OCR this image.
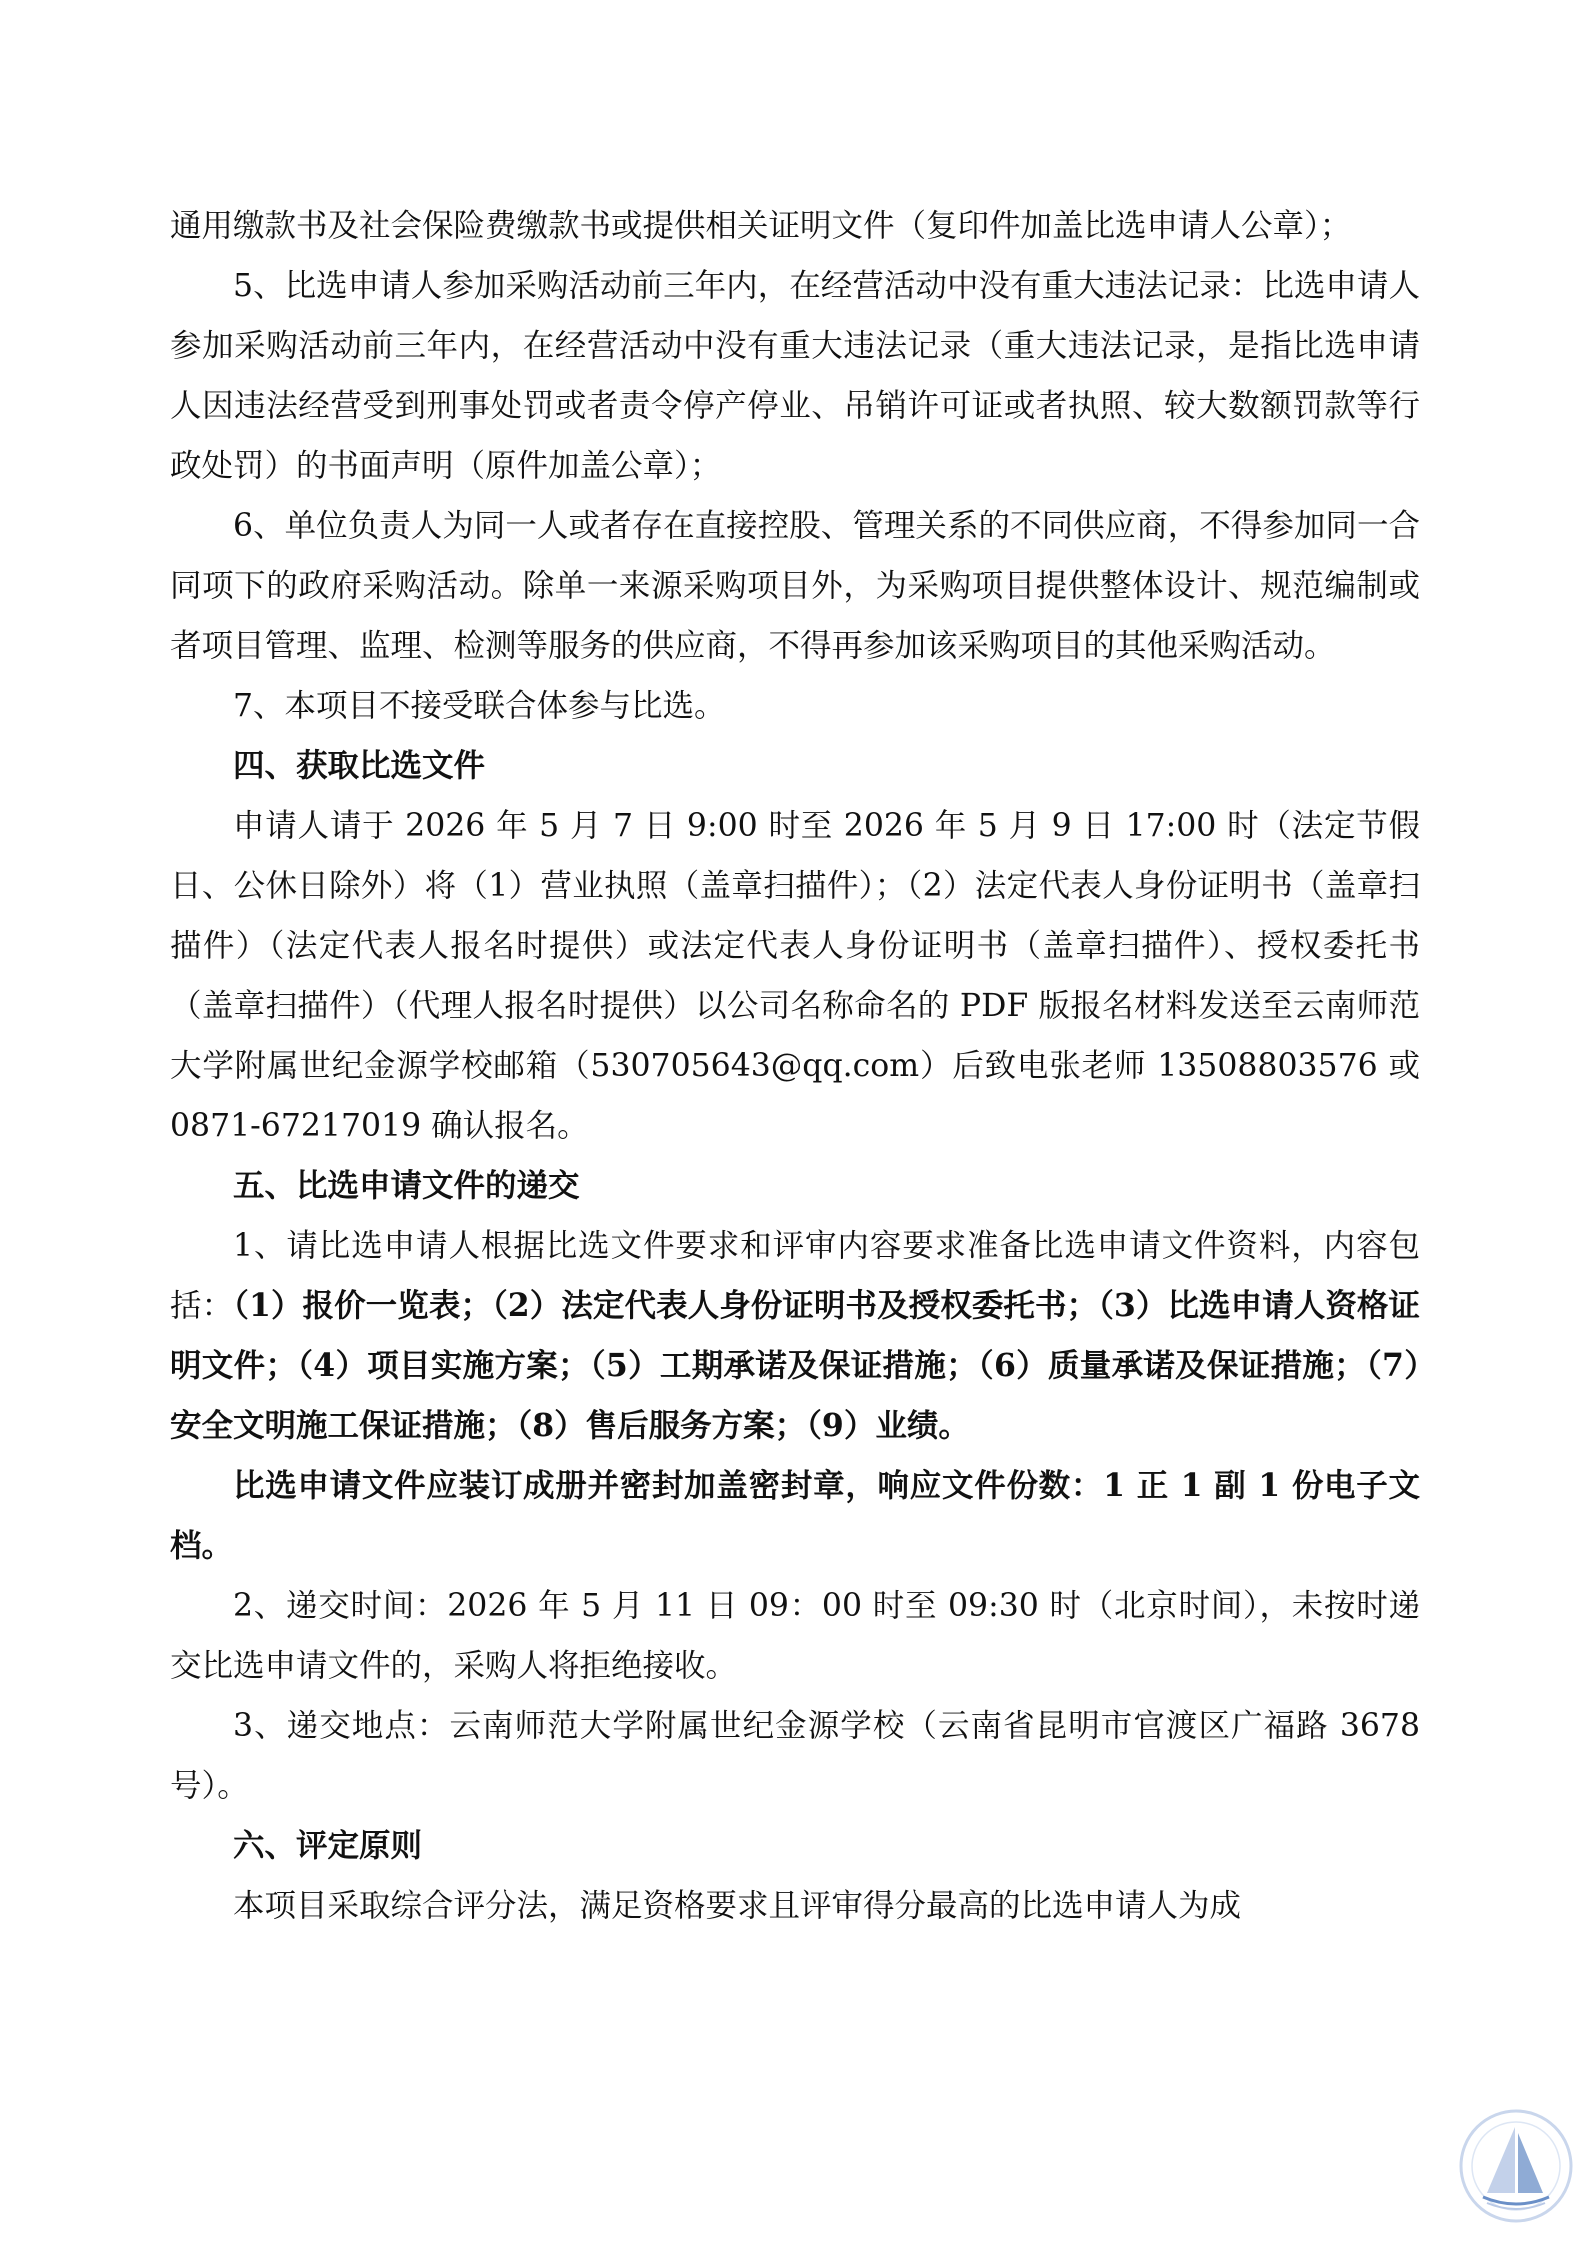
通用缴款书及社会保险费缴款书或提供相关证明文件（复印件加盖比选申请人公章）；

5、比选申请人参加采购活动前三年内，在经营活动中没有重大违法记录：比选申请人参加采购活动前三年内，在经营活动中没有重大违法记录（重大违法记录，是指比选申请人因违法经营受到刑事处罚或者责令停产停业、吊销许可证或者执照、较大数额罚款等行政处罚）的书面声明（原件加盖公章）；

6、单位负责人为同一人或者存在直接控股、管理关系的不同供应商，不得参加同一合同项下的政府采购活动。除单一来源采购项目外，为采购项目提供整体设计、规范编制或者项目管理、监理、检测等服务的供应商，不得再参加该采购项目的其他采购活动。

7、本项目不接受联合体参与比选。

四、获取比选文件

申请人请于 2026 年 5 月 7 日 9:00 时至 2026 年 5 月 9 日 17:00 时（法定节假日、公休日除外）将（1）营业执照（盖章扫描件）；（2）法定代表人身份证明书（盖章扫描件）（法定代表人报名时提供）或法定代表人身份证明书（盖章扫描件）、授权委托书（盖章扫描件）（代理人报名时提供）以公司名称命名的 PDF 版报名材料发送至云南师范大学附属世纪金源学校邮箱（530705643@qq.com）后致电张老师 13508803576 或 0871-67217019 确认报名。

五、比选申请文件的递交

1、请比选申请人根据比选文件要求和评审内容要求准备比选申请文件资料，内容包括：（1）报价一览表；（2）法定代表人身份证明书及授权委托书；（3）比选申请人资格证明文件；（4）项目实施方案；（5）工期承诺及保证措施；（6）质量承诺及保证措施；（7）安全文明施工保证措施；（8）售后服务方案；（9）业绩。

比选申请文件应装订成册并密封加盖密封章，响应文件份数：1 正 1 副 1 份电子文档。

2、递交时间：2026 年 5 月 11 日 09：00 时至 09:30 时（北京时间），未按时递交比选申请文件的，采购人将拒绝接收。

3、递交地点：云南师范大学附属世纪金源学校（云南省昆明市官渡区广福路 3678 号）。

六、评定原则

本项目采取综合评分法，满足资格要求且评审得分最高的比选申请人为成
